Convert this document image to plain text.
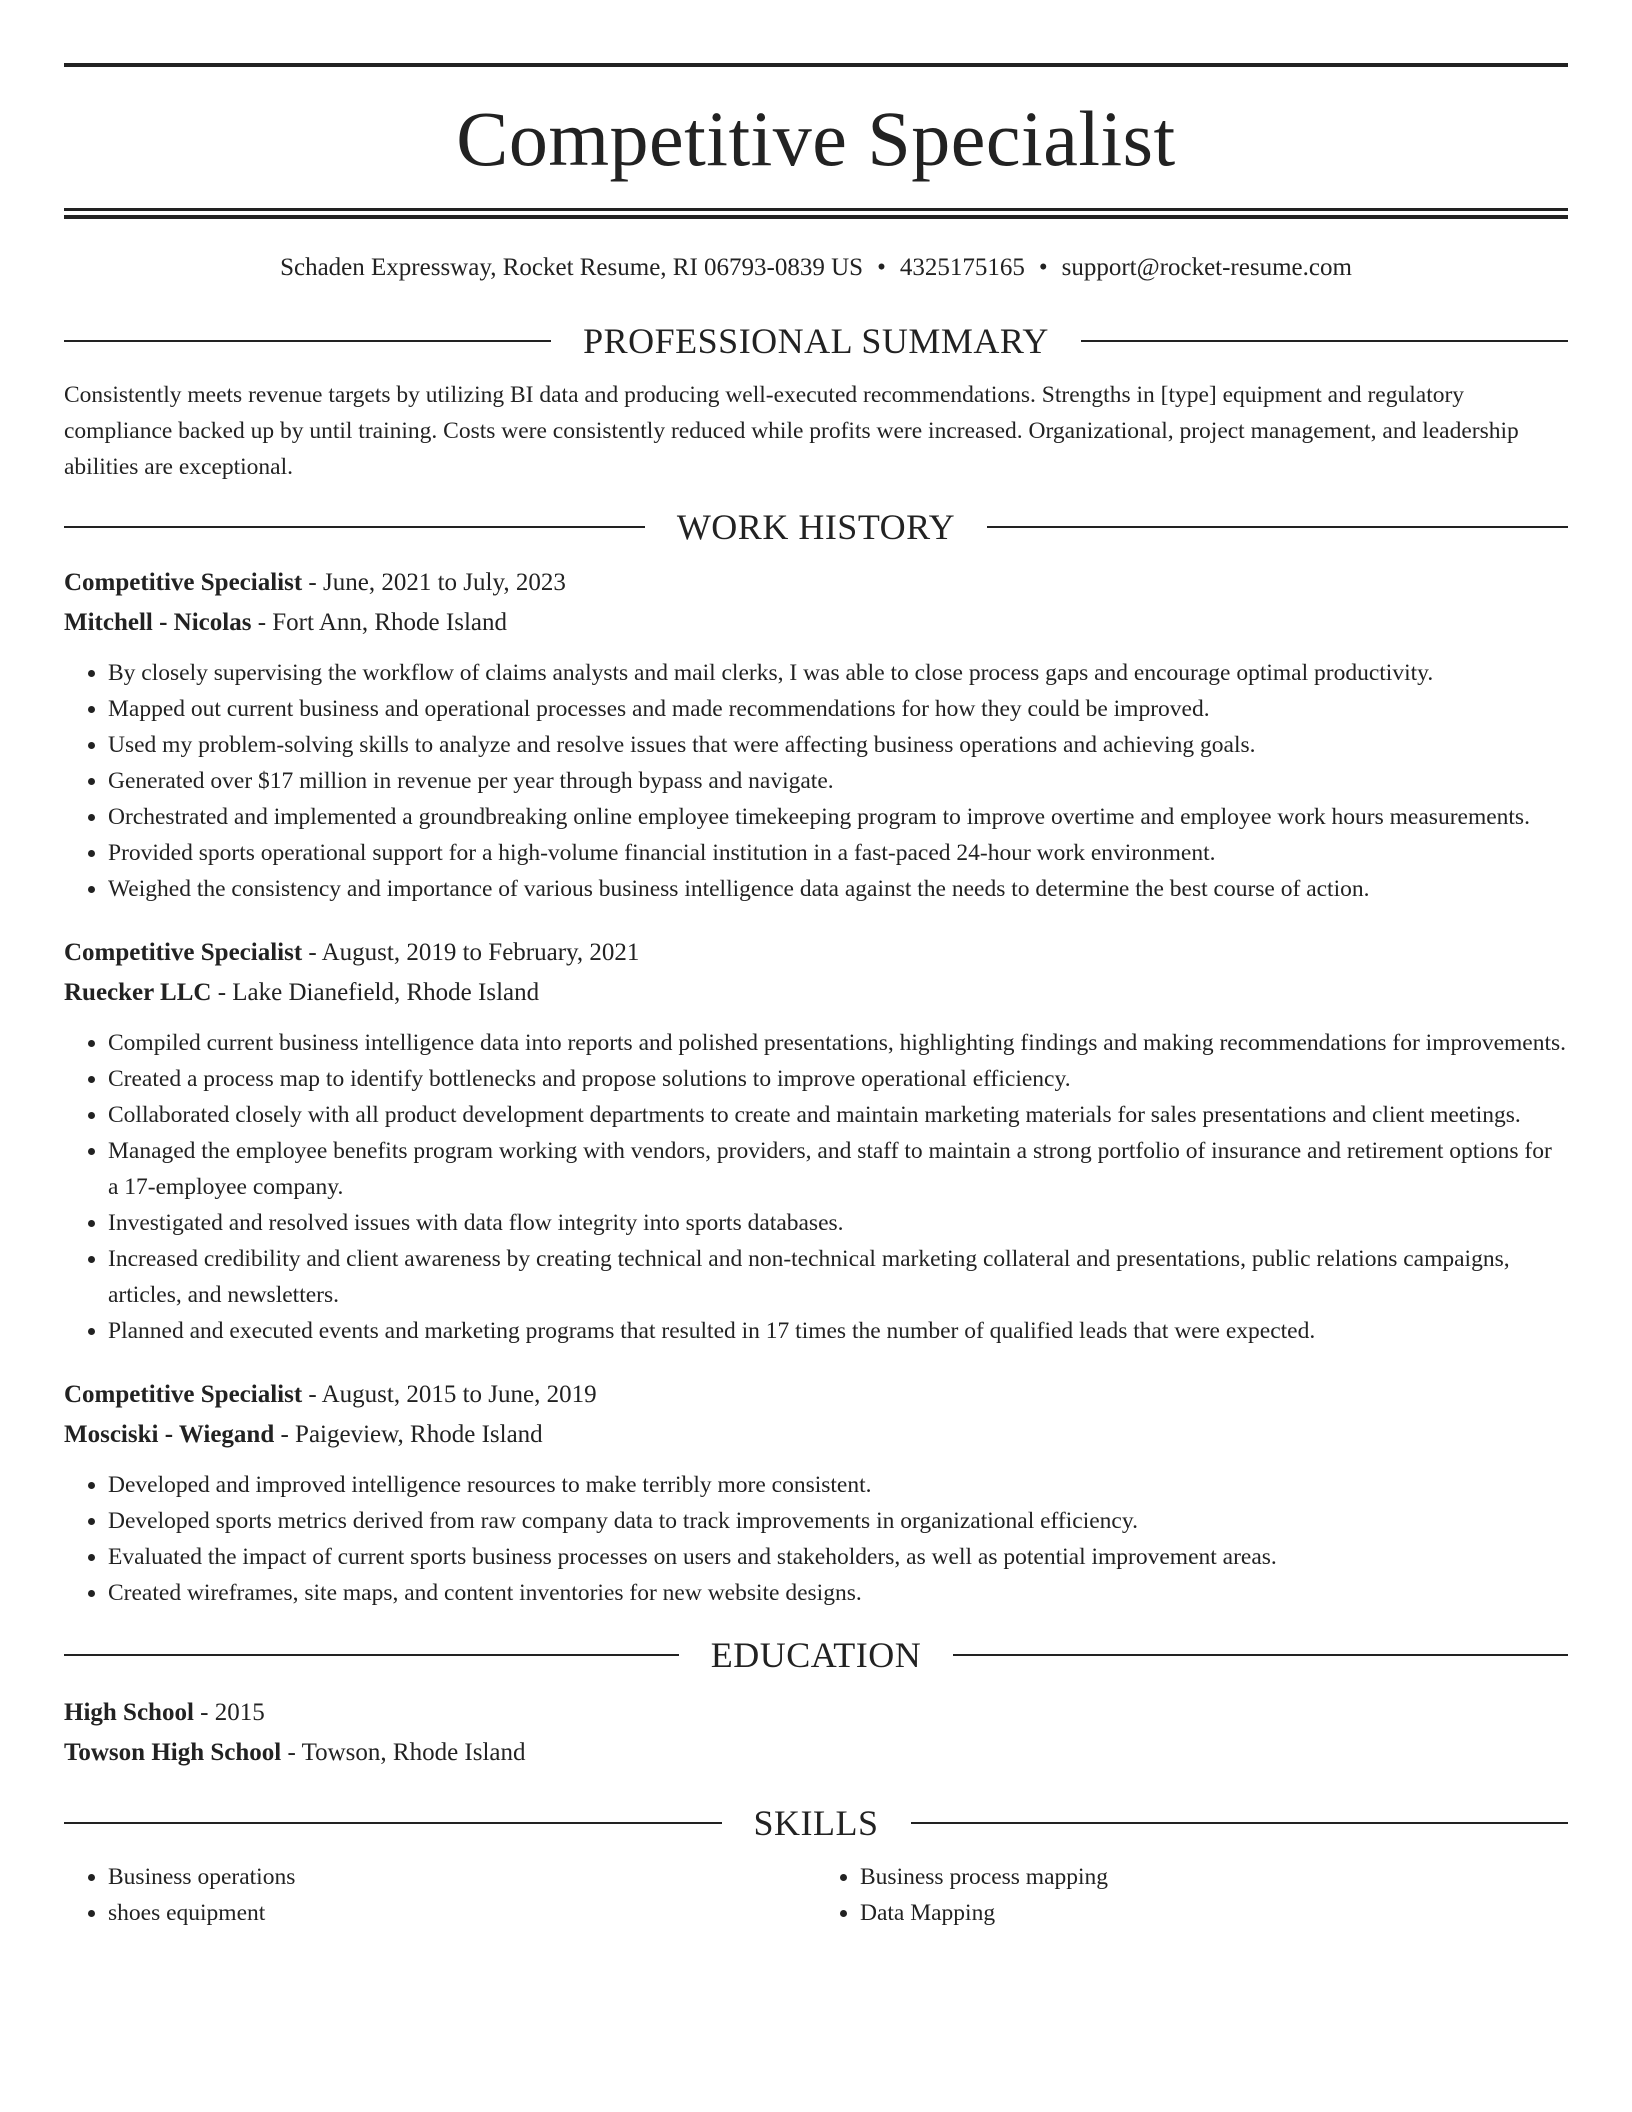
Competitive Specialist
Schaden Expressway, Rocket Resume, RI 06793-0839 US • 4325175165 • support@rocket-resume.com
PROFESSIONAL SUMMARY
Consistently meets revenue targets by utilizing BI data and producing well-executed recommendations. Strengths in [type] equipment and regulatory compliance backed up by until training. Costs were consistently reduced while profits were increased. Organizational, project management, and leadership abilities are exceptional.
WORK HISTORY
Competitive Specialist - June, 2021 to July, 2023
Mitchell - Nicolas - Fort Ann, Rhode Island
• By closely supervising the workflow of claims analysts and mail clerks, I was able to close process gaps and encourage optimal productivity.
• Mapped out current business and operational processes and made recommendations for how they could be improved.
• Used my problem-solving skills to analyze and resolve issues that were affecting business operations and achieving goals.
• Generated over $17 million in revenue per year through bypass and navigate.
• Orchestrated and implemented a groundbreaking online employee timekeeping program to improve overtime and employee work hours measurements.
• Provided sports operational support for a high-volume financial institution in a fast-paced 24-hour work environment.
• Weighed the consistency and importance of various business intelligence data against the needs to determine the best course of action.
Competitive Specialist - August, 2019 to February, 2021
Ruecker LLC - Lake Dianefield, Rhode Island
• Compiled current business intelligence data into reports and polished presentations, highlighting findings and making recommendations for improvements.
• Created a process map to identify bottlenecks and propose solutions to improve operational efficiency.
• Collaborated closely with all product development departments to create and maintain marketing materials for sales presentations and client meetings.
• Managed the employee benefits program working with vendors, providers, and staff to maintain a strong portfolio of insurance and retirement options for a 17-employee company.
• Investigated and resolved issues with data flow integrity into sports databases.
• Increased credibility and client awareness by creating technical and non-technical marketing collateral and presentations, public relations campaigns, articles, and newsletters.
• Planned and executed events and marketing programs that resulted in 17 times the number of qualified leads that were expected.
Competitive Specialist - August, 2015 to June, 2019
Mosciski - Wiegand - Paigeview, Rhode Island
• Developed and improved intelligence resources to make terribly more consistent.
• Developed sports metrics derived from raw company data to track improvements in organizational efficiency.
• Evaluated the impact of current sports business processes on users and stakeholders, as well as potential improvement areas.
• Created wireframes, site maps, and content inventories for new website designs.
EDUCATION
High School - 2015
Towson High School - Towson, Rhode Island
SKILLS
• Business operations
• shoes equipment
• Business process mapping
• Data Mapping
